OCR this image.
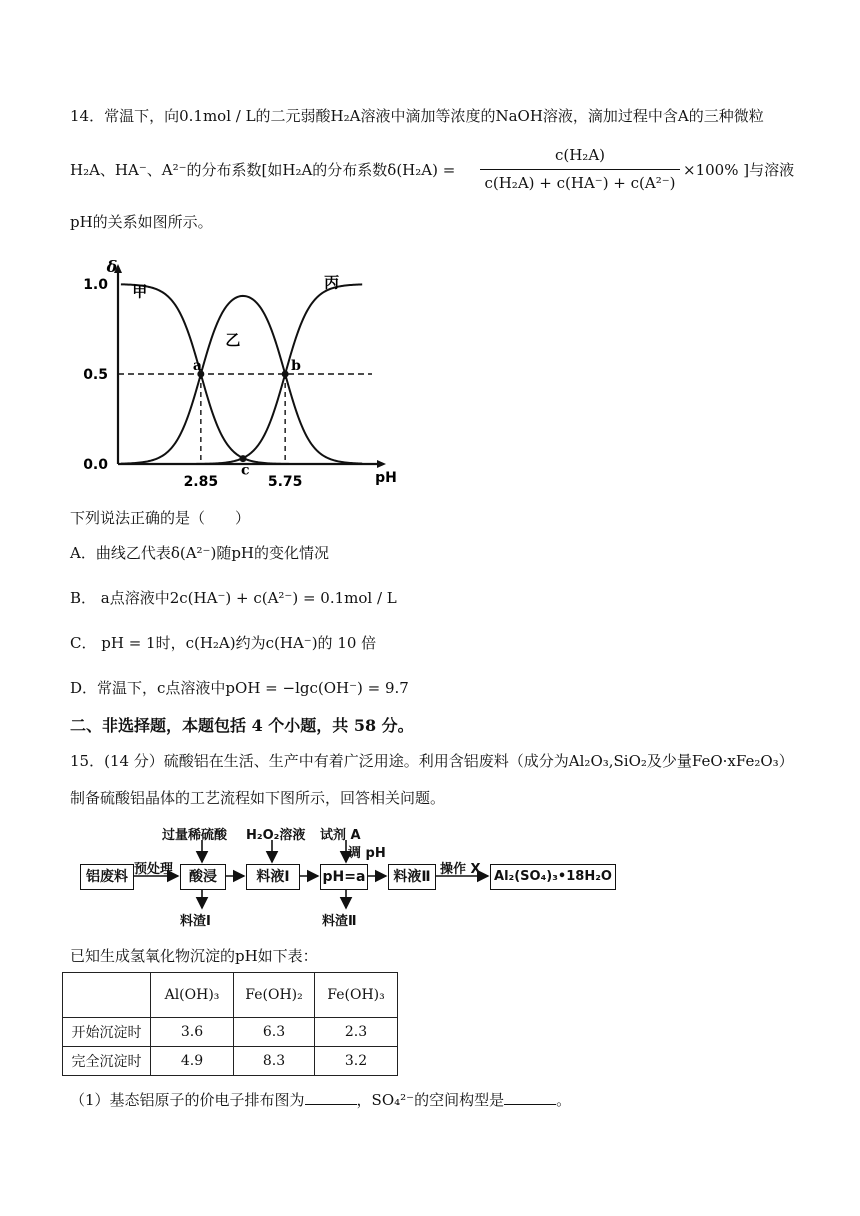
14．常温下，向0.1mol / L的二元弱酸H₂A溶液中滴加等浓度的NaOH溶液，滴加过程中含A的三种微粒
H₂A、HA⁻、A²⁻的分布系数[如H₂A的分布系数δ(H₂A) =
c(H₂A)
c(H₂A) + c(HA⁻) + c(A²⁻)
×100% ]与溶液
pH的关系如图所示。
a	b
c
1.0
0.5
0.0
2.85	5.75
δ
pH
甲
乙
丙
下列说法正确的是（　　）
A．曲线乙代表δ(A²⁻)随pH的变化情况
B． a点溶液中2c(HA⁻) + c(A²⁻) = 0.1mol / L
C． pH = 1时，c(H₂A)约为c(HA⁻)的 10 倍
D．常温下，c点溶液中pOH = −lgc(OH⁻) = 9.7
二、非选择题，本题包括 4 个小题，共 58 分。
15．(14 分）硫酸铝在生活、生产中有着广泛用途。利用含铝废料（成分为Al₂O₃,SiO₂及少量FeO·xFe₂O₃）
制备硫酸铝晶体的工艺流程如下图所示，回答相关问题。
铝废料	酸浸	料液Ⅰ	pH=a	料液Ⅱ	Al₂(SO₄)₃•18H₂O
预处理	操作 X
过量稀硫酸 H₂O₂溶液 试剂 A
调 pH
料渣Ⅰ	料渣Ⅱ
已知生成氢氧化物沉淀的pH如下表：
	Al(OH)₃	Fe(OH)₂	Fe(OH)₃
开始沉淀时	3.6	6.3	2.3
完全沉淀时	4.9	8.3	3.2
（1）基态铝原子的价电子排布图为	，SO₄²⁻的空间构型是	。
